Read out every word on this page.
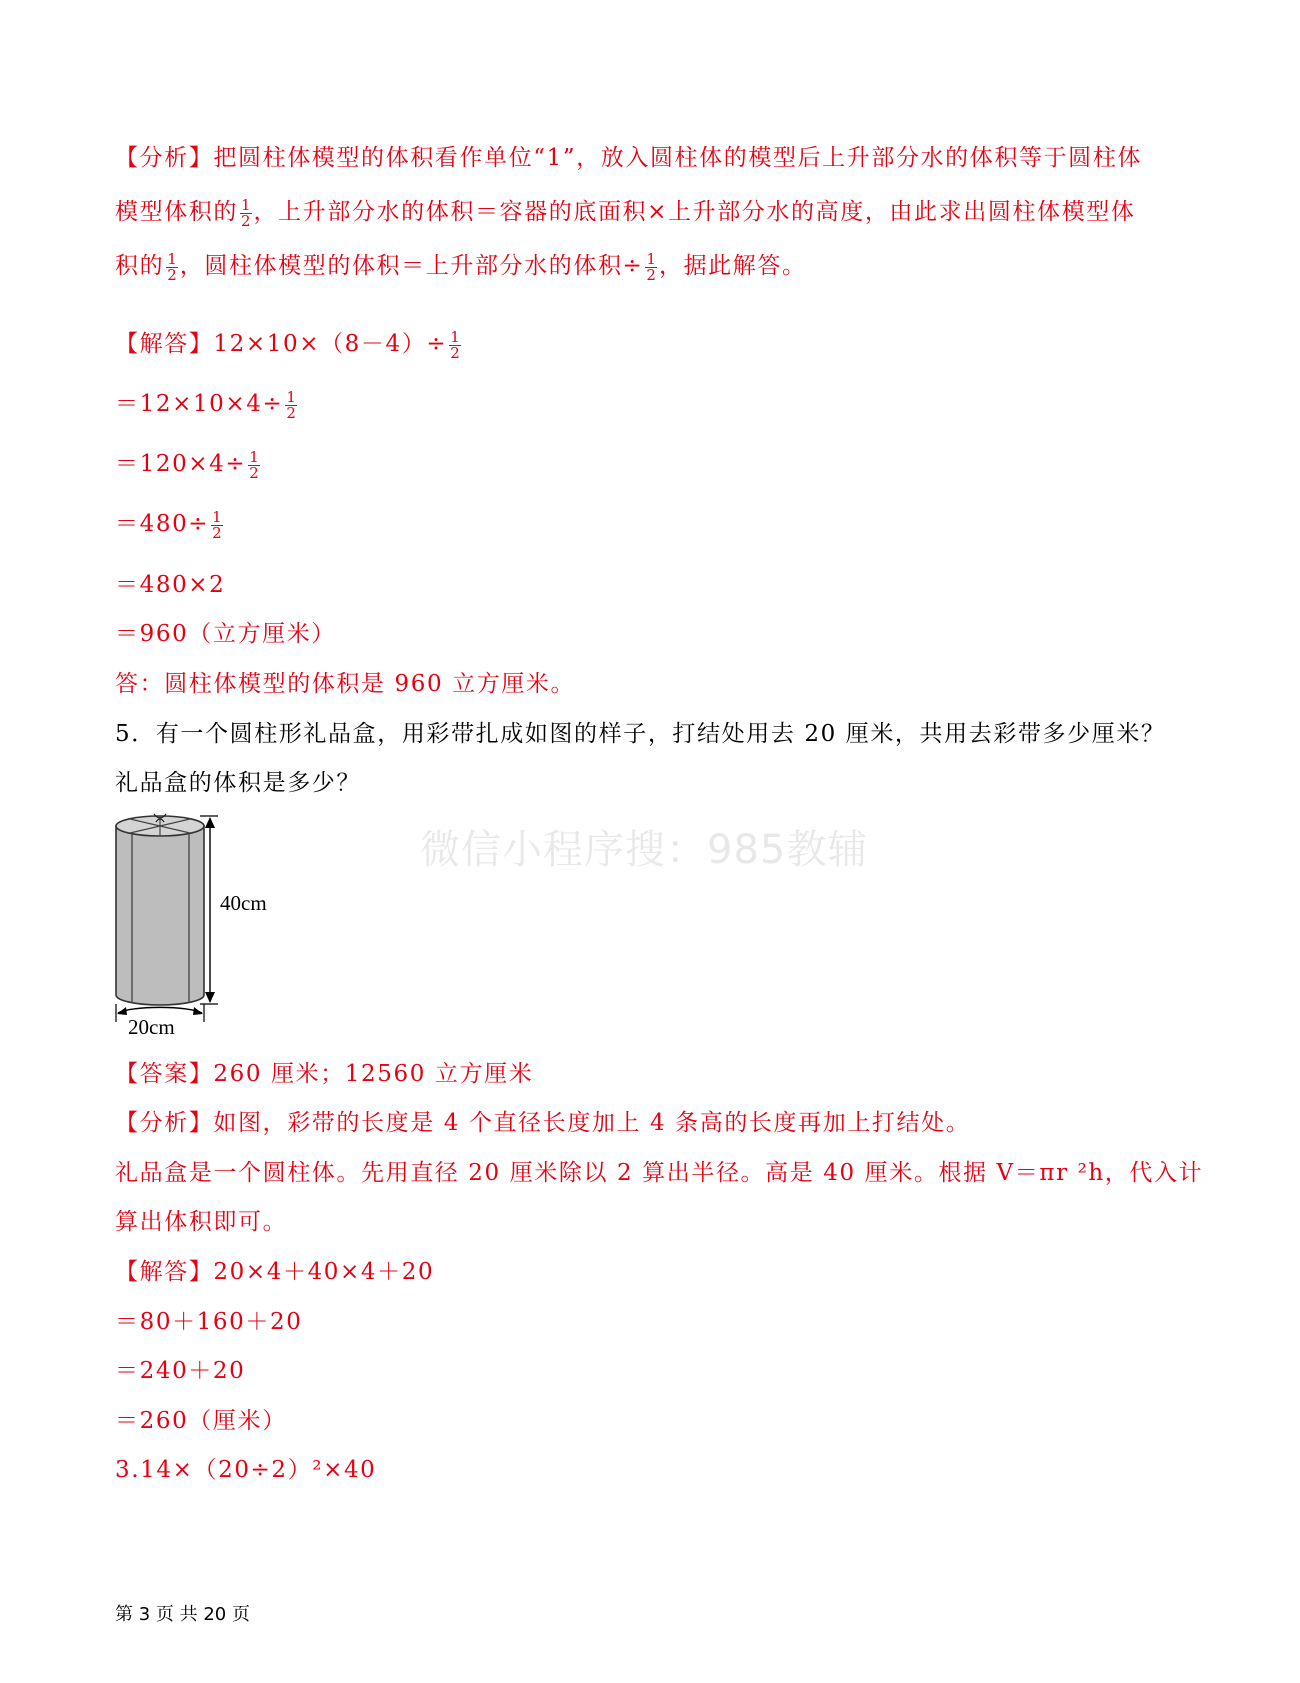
【分析】把圆柱体模型的体积看作单位“1”，放入圆柱体的模型后上升部分水的体积等于圆柱体
模型体积的 $\frac{1}{2}$ ，上升部分水的体积＝容器的底面积×上升部分水的高度，由此求出圆柱体模型体
积的 $\frac{1}{2}$ ，圆柱体模型的体积＝上升部分水的体积÷ $\frac{1}{2}$ ，据此解答。
【解答】$12\times 10\times(8-4)\div \frac{1}{2}$
$=12\times 10\times 4\div \frac{1}{2}$
$=120\times 4\div \frac{1}{2}$
$=480\div \frac{1}{2}$
＝480×2
＝960（立方厘米）
答：圆柱体模型的体积是 960 立方厘米。
5．有一个圆柱形礼品盒，用彩带扎成如图的样子，打结处用去 20 厘米，共用去彩带多少厘米？
礼品盒的体积是多少？
微信小程序搜：985教辅
40cm
20cm
【答案】260 厘米；12560 立方厘米
【分析】如图，彩带的长度是 4 个直径长度加上 4 条高的长度再加上打结处。
礼品盒是一个圆柱体。先用直径 20 厘米除以 2 算出半径。高是 40 厘米。根据 V＝πr ²h，代入计
算出体积即可。
【解答】20×4＋40×4＋20
＝80＋160＋20
＝240＋20
＝260（厘米）
3.14×（20÷2）²×40
第 3 页 共 20 页
